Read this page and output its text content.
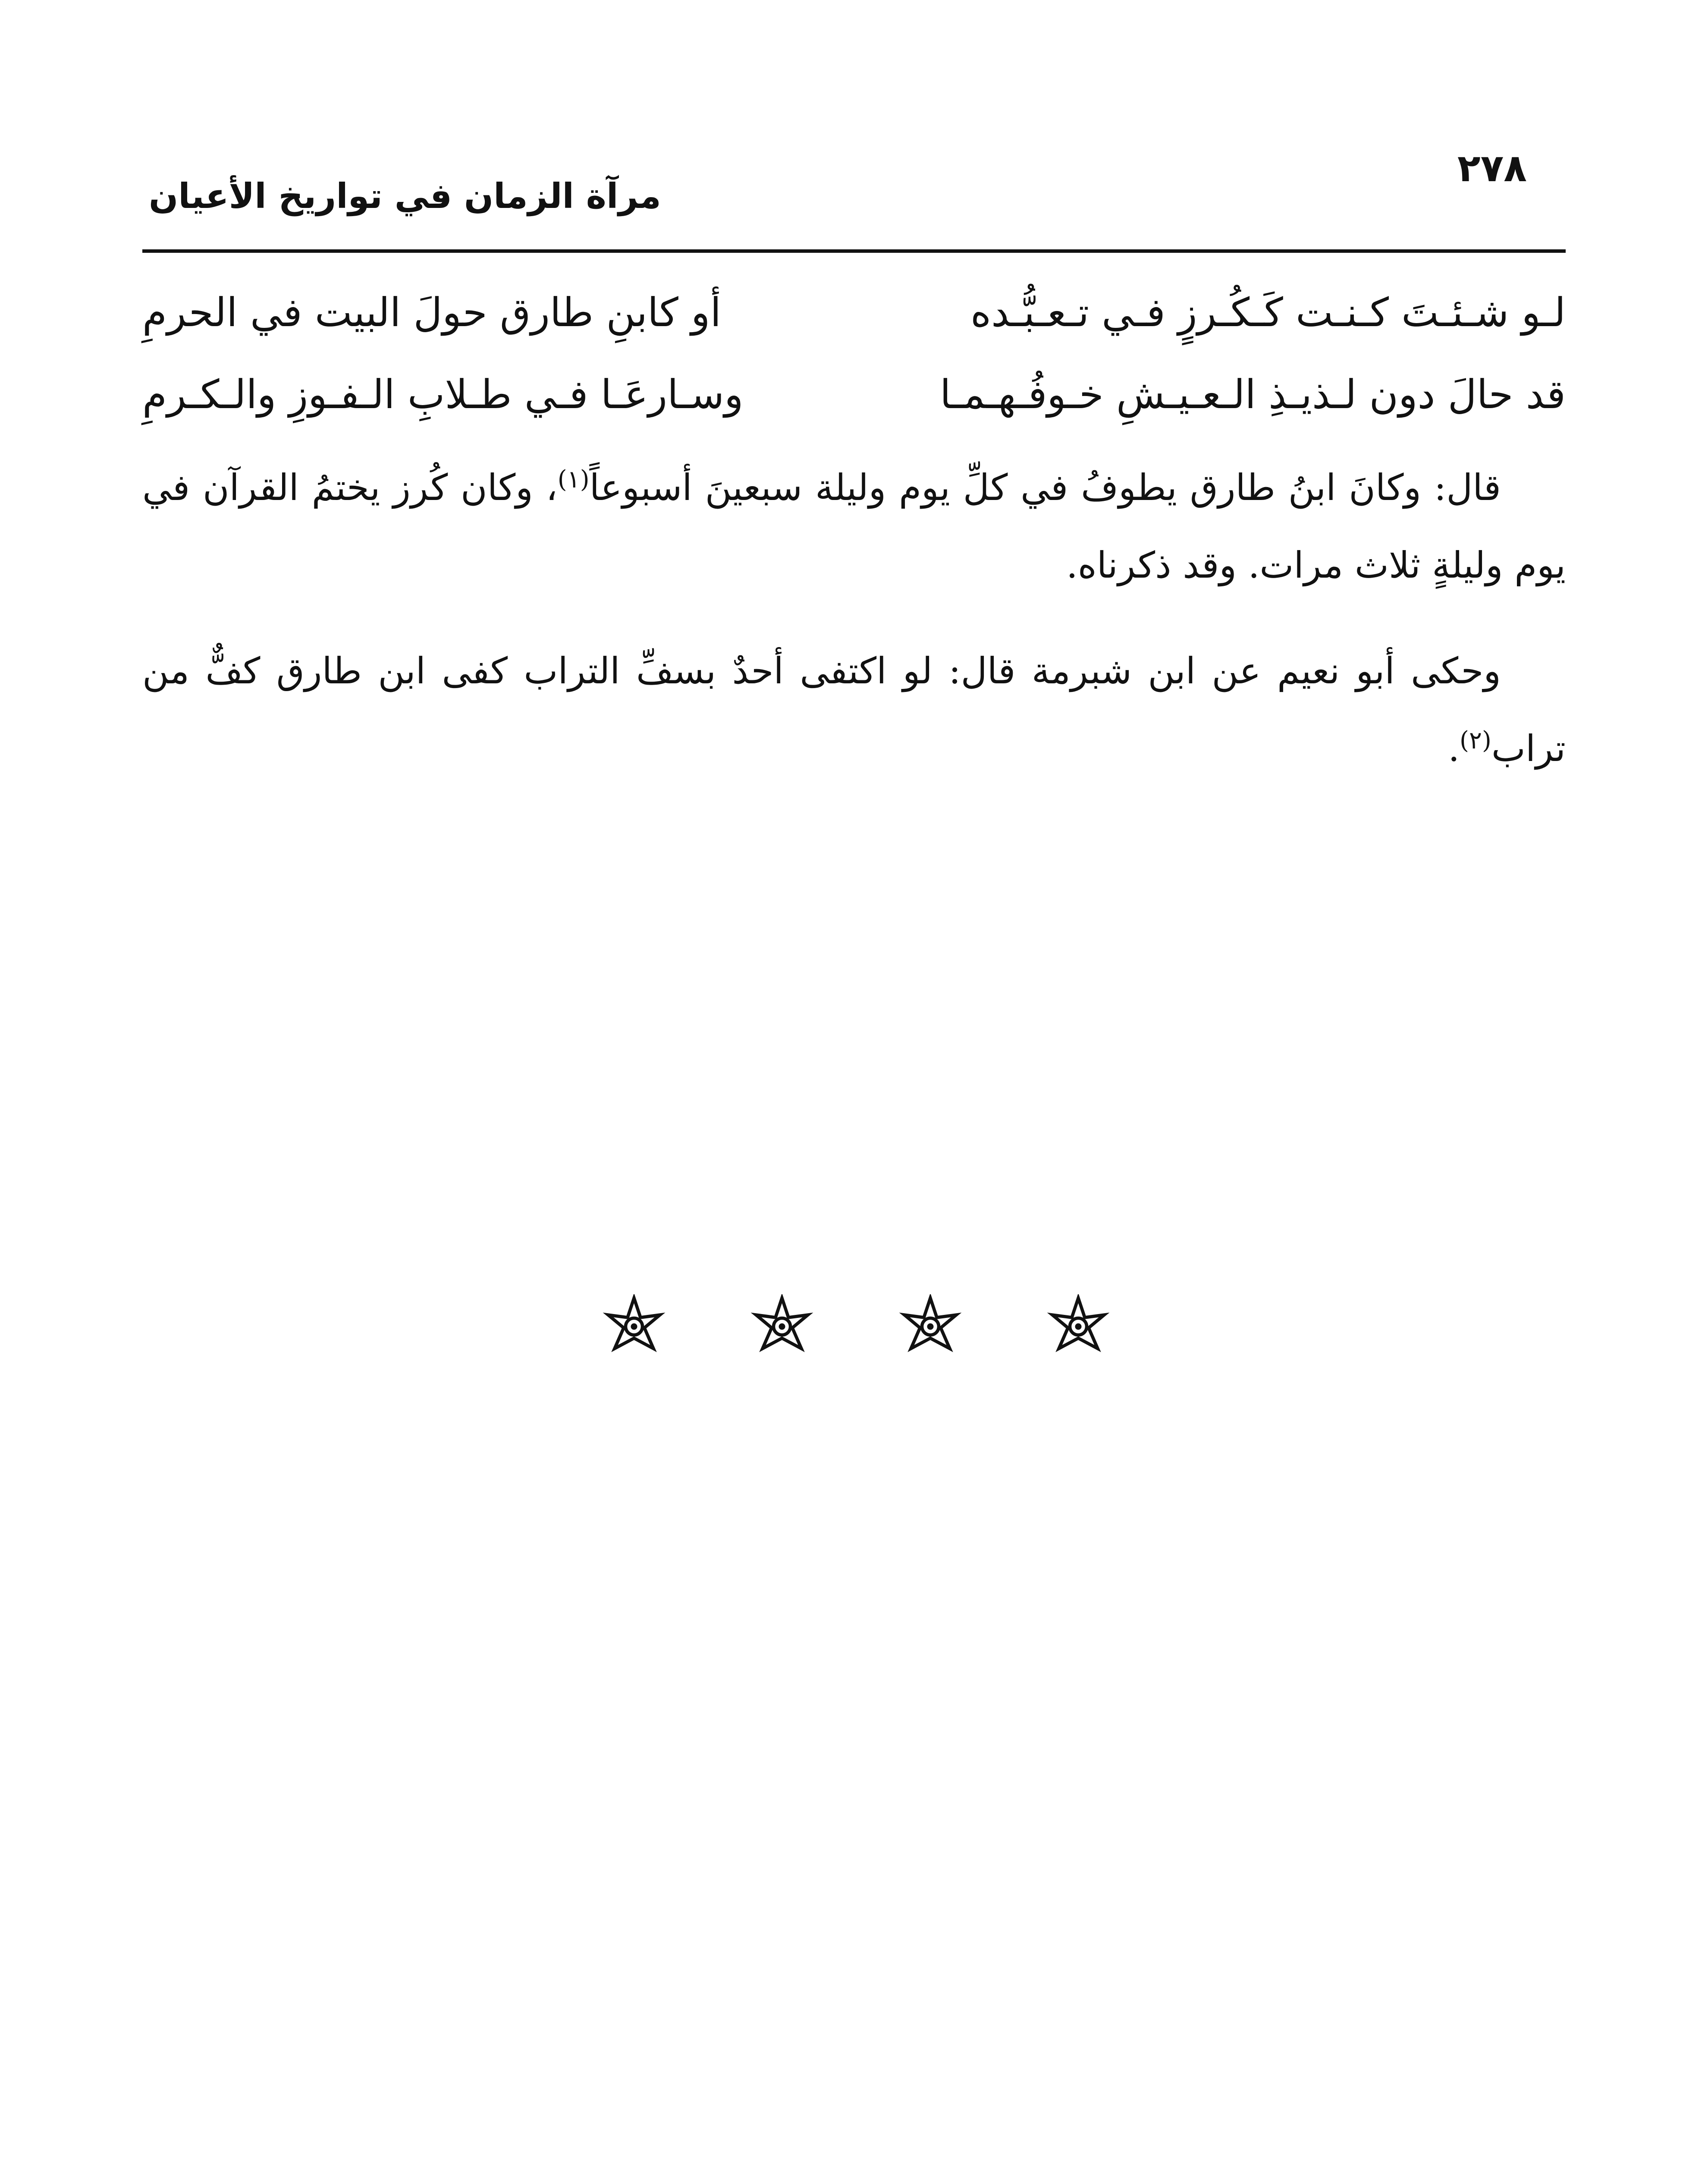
٢٧٨
مرآة الزمان في تواريخ الأعيان
لـو شـئـتَ كـنـت كَـكُـرزٍ فـي تـعـبُّـده
أو كابنِ طارق حولَ البيت في الحرمِ
قد حالَ دون لـذيـذِ الـعـيـشِ خـوفُـهـمـا
وسـارعَـا فـي طـلابِ الـفـوزِ والـكـرمِ

قال: وكانَ ابنُ طارق يطوفُ في كلِّ يوم وليلة سبعينَ أسبوعاً$^{(١)}$، وكان كُرز يختمُ القرآن في يوم وليلةٍ ثلاث مرات. وقد ذكرناه.

وحكى أبو نعيم عن ابن شبرمة قال: لو اكتفى أحدٌ بسفِّ التراب كفى ابن طارق كفٌّ من تراب$^{(٢)}$.
